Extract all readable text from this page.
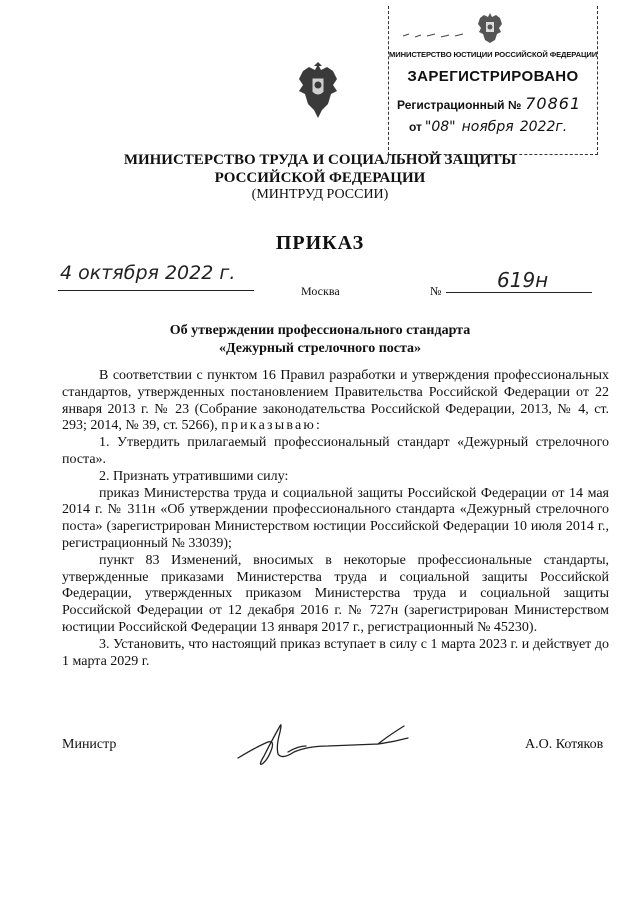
МИНИСТЕРСТВО ЮСТИЦИИ РОССИЙСКОЙ ФЕДЕРАЦИИ
ЗАРЕГИСТРИРОВАНО
Регистрационный № 70861
от "08" ноября 2022г.
МИНИСТЕРСТВО ТРУДА И СОЦИАЛЬНОЙ ЗАЩИТЫ
РОССИЙСКОЙ ФЕДЕРАЦИИ
(МИНТРУД РОССИИ)
ПРИКАЗ
4 октября 2022 г.
Москва	№	619н
Об утверждении профессионального стандарта
«Дежурный стрелочного поста»

В соответствии с пунктом 16 Правил разработки и утверждения профессиональных стандартов, утвержденных постановлением Правительства Российской Федерации от 22 января 2013 г. № 23 (Собрание законодательства Российской Федерации, 2013, № 4, ст. 293; 2014, № 39, ст. 5266), приказываю:

1. Утвердить прилагаемый профессиональный стандарт «Дежурный стрелочного поста».

2. Признать утратившими силу:

приказ Министерства труда и социальной защиты Российской Федерации от 14 мая 2014 г. № 311н «Об утверждении профессионального стандарта «Дежурный стрелочного поста» (зарегистрирован Министерством юстиции Российской Федерации 10 июля 2014 г., регистрационный № 33039);

пункт 83 Изменений, вносимых в некоторые профессиональные стандарты, утвержденные приказами Министерства труда и социальной защиты Российской Федерации, утвержденных приказом Министерства труда и социальной защиты Российской Федерации от 12 декабря 2016 г. № 727н (зарегистрирован Министерством юстиции Российской Федерации 13 января 2017 г., регистрационный № 45230).

3. Установить, что настоящий приказ вступает в силу с 1 марта 2023 г. и действует до 1 марта 2029 г.

Министр	А.О. Котяков
